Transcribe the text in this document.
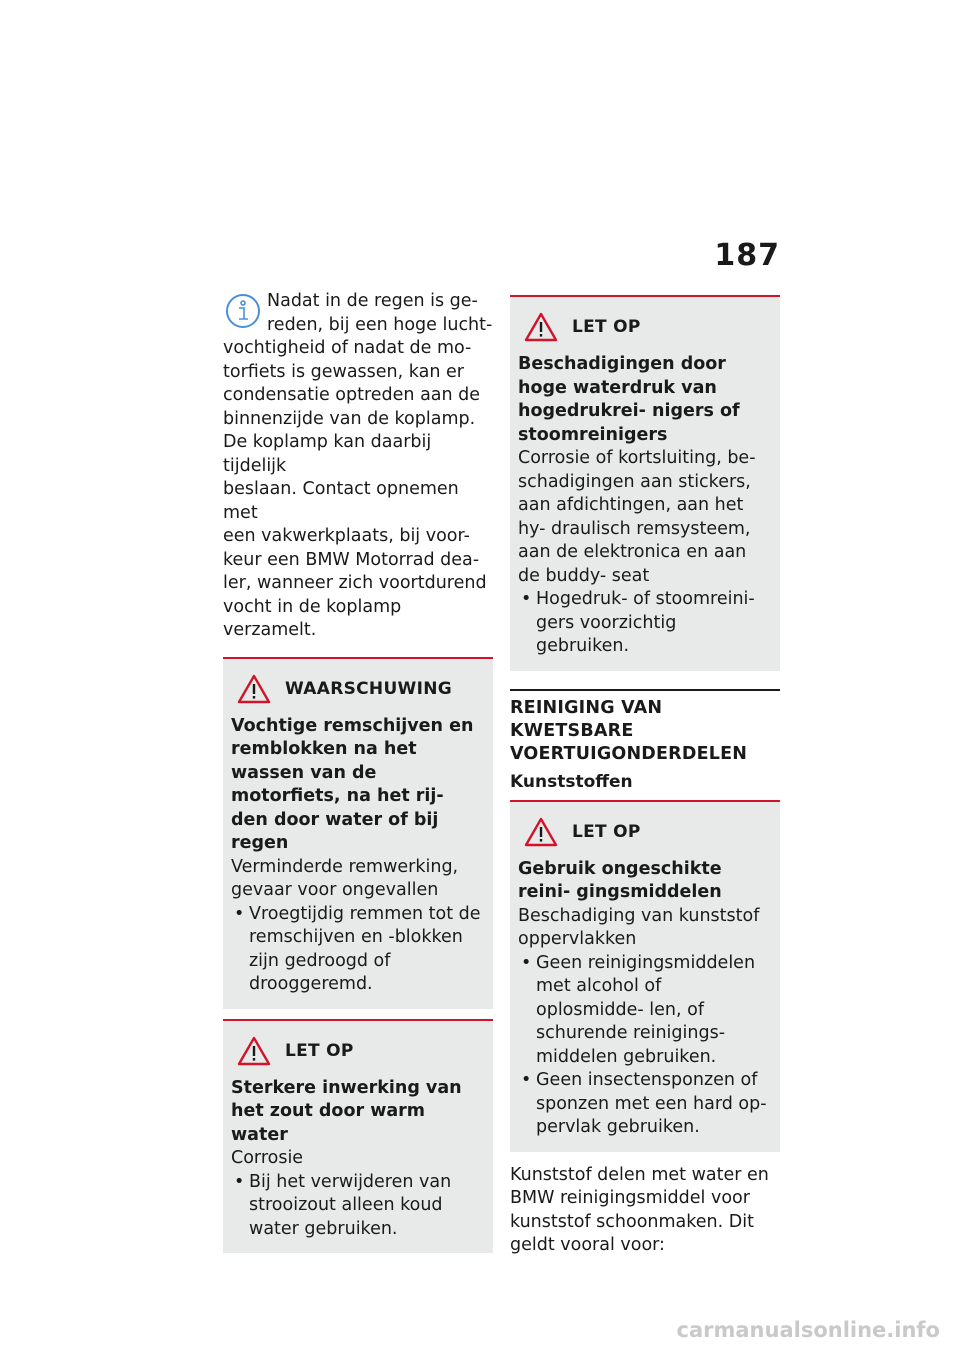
187
Nadat in de regen is ge-
reden, bij een hoge lucht-
vochtigheid of nadat de mo-
torfiets is gewassen, kan er
condensatie optreden aan de
binnenzijde van de koplamp.
De koplamp kan daarbij tijdelijk
beslaan. Contact opnemen met
een vakwerkplaats, bij voor-
keur een BMW Motorrad dea-
ler, wanneer zich voortdurend
vocht in de koplamp verzamelt.
WAARSCHUWING
Vochtige remschijven en remblokken na het wassen van de motorfiets, na het rij- den door water of bij regen
Verminderde remwerking, gevaar voor ongevallen
• Vroegtijdig remmen tot de remschijven en -blokken zijn gedroogd of drooggeremd.
LET OP
Sterkere inwerking van het zout door warm water
Corrosie
• Bij het verwijderen van strooizout alleen koud water gebruiken.
LET OP
Beschadigingen door hoge waterdruk van hogedrukrei- nigers of stoomreinigers
Corrosie of kortsluiting, be- schadigingen aan stickers, aan afdichtingen, aan het hy- draulisch remsysteem, aan de elektronica en aan de buddy- seat
• Hogedruk- of stoomreini- gers voorzichtig gebruiken.
REINIGING VAN KWETSBARE VOERTUIGONDERDELEN
Kunststoffen
LET OP
Gebruik ongeschikte reini- gingsmiddelen
Beschadiging van kunststof oppervlakken
• Geen reinigingsmiddelen met alcohol of oplosmidde- len, of schurende reinigings- middelen gebruiken.
• Geen insectensponzen of sponzen met een hard op- pervlak gebruiken.
Kunststof delen met water en BMW reinigingsmiddel voor kunststof schoonmaken. Dit geldt vooral voor:
carmanualsonline.info
